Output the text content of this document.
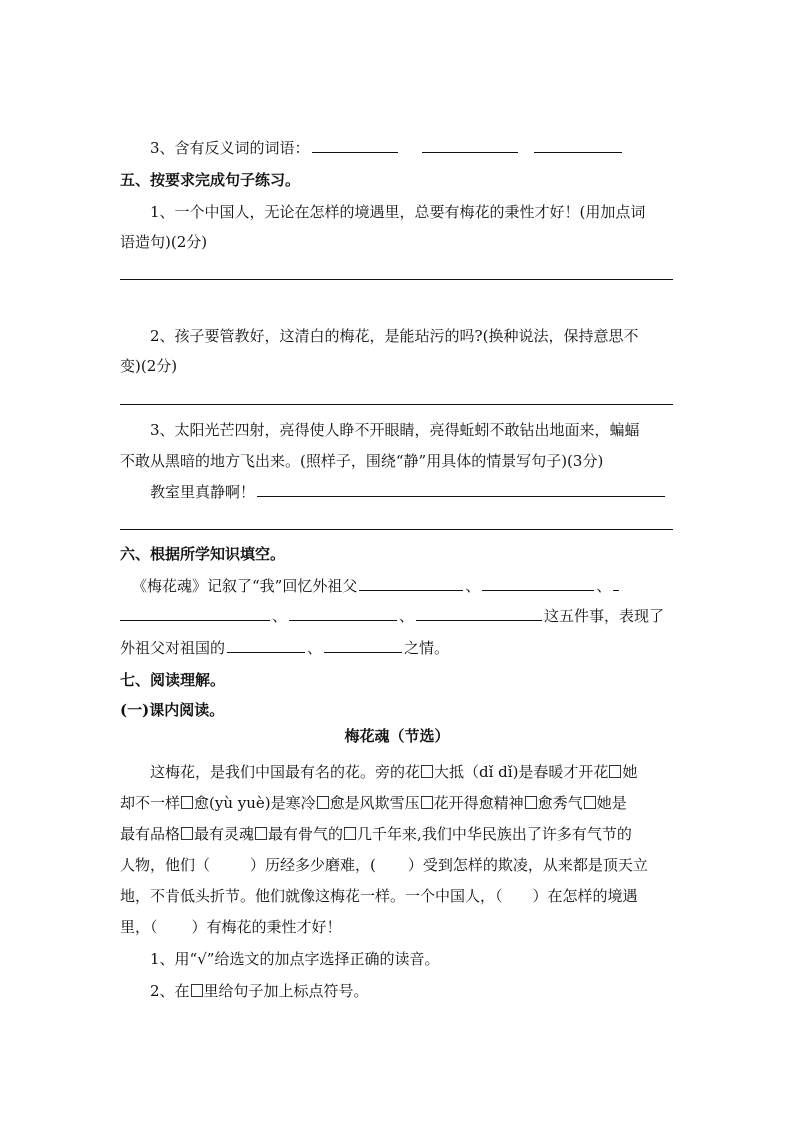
3、含有反义词的词语：
五、按要求完成句子练习。
1、一个中国人，无论在怎样的境遇里，总要有梅花的秉性才好！(用加点词
语造句)(2分)
2、孩子要管教好，这清白的梅花，是能玷污的吗?(换种说法，保持意思不
变)(2分)
3、太阳光芒四射，亮得使人睁不开眼睛，亮得蚯蚓不敢钻出地面来，蝙蝠
不敢从黑暗的地方飞出来。(照样子，围绕“静”用具体的情景写句子)(3分)
教室里真静啊！
六、根据所学知识填空。
《梅花魂》记叙了“我”回忆外祖父	、	、
、	、	这五件事，表现了
外祖父对祖国的	、	之情。
七、阅读理解。
(一)课内阅读。
梅花魂（节选）
这梅花，是我们中国最有名的花。旁的花 大抵（dǐ dǐ)是春暖才开花 她
却不一样 愈(yù yuè)是寒冷 愈是风欺雪压 花开得愈精神 愈秀气 她是
最有品格 最有灵魂 最有骨气的 几千年来,我们中华民族出了许多有气节的
人物，他们（	）历经多少磨难，( ）受到怎样的欺凌，从来都是顶天立
地，不肯低头折节。他们就像这梅花一样。一个中国人，（ ）在怎样的境遇
里，（ ）有梅花的秉性才好！
1、用“√”给选文的加点字选择正确的读音。
2、在 里给句子加上标点符号。
